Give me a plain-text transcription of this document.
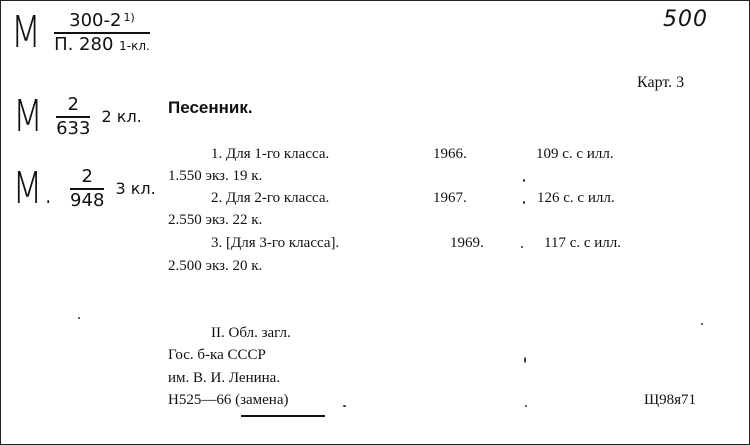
М $\frac{300-2 ^{1)}}{П. 280 1-кл.}$
М $\frac{2}{633} 2$ кл.
М. $\frac{2}{948} 3$ кл.
500
Карт. 3
Песенник.
1. Для 1-го класса.	1966.	109 с. с илл.
1.550 экз. 19 к.
2. Для 2-го класса.	1967.	126 с. с илл.
2.550 экз. 22 к.
3. [Для 3-го класса].	1969.	117 с. с илл.
2.500 экз. 20 к.
II. Обл. загл.
Гос. б-ка СССР
им. В. И. Ленина.
Н525—66 (замена)	Щ98я71
